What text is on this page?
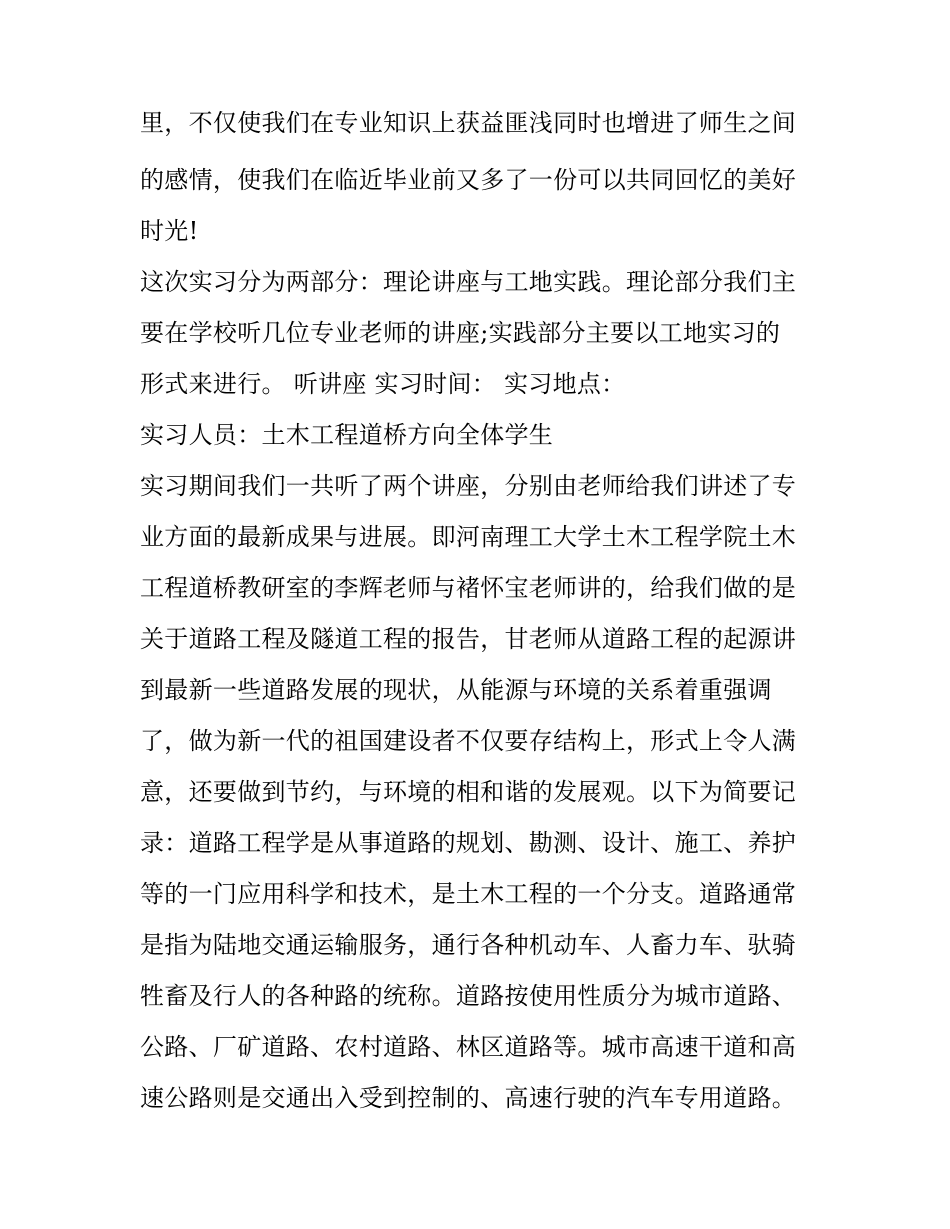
里，不仅使我们在专业知识上获益匪浅同时也增进了师生之间
的感情，使我们在临近毕业前又多了一份可以共同回忆的美好
时光!
这次实习分为两部分：理论讲座与工地实践。理论部分我们主
要在学校听几位专业老师的讲座;实践部分主要以工地实习的
形式来进行。 听讲座 实习时间： 实习地点：
实习人员：土木工程道桥方向全体学生
实习期间我们一共听了两个讲座，分别由老师给我们讲述了专
业方面的最新成果与进展。即河南理工大学土木工程学院土木
工程道桥教研室的李辉老师与褚怀宝老师讲的，给我们做的是
关于道路工程及隧道工程的报告，甘老师从道路工程的起源讲
到最新一些道路发展的现状，从能源与环境的关系着重强调
了，做为新一代的祖国建设者不仅要存结构上，形式上令人满
意，还要做到节约，与环境的相和谐的发展观。以下为简要记
录：道路工程学是从事道路的规划、勘测、设计、施工、养护
等的一门应用科学和技术，是土木工程的一个分支。道路通常
是指为陆地交通运输服务，通行各种机动车、人畜力车、驮骑
牲畜及行人的各种路的统称。道路按使用性质分为城市道路、
公路、厂矿道路、农村道路、林区道路等。城市高速干道和高
速公路则是交通出入受到控制的、高速行驶的汽车专用道路。
